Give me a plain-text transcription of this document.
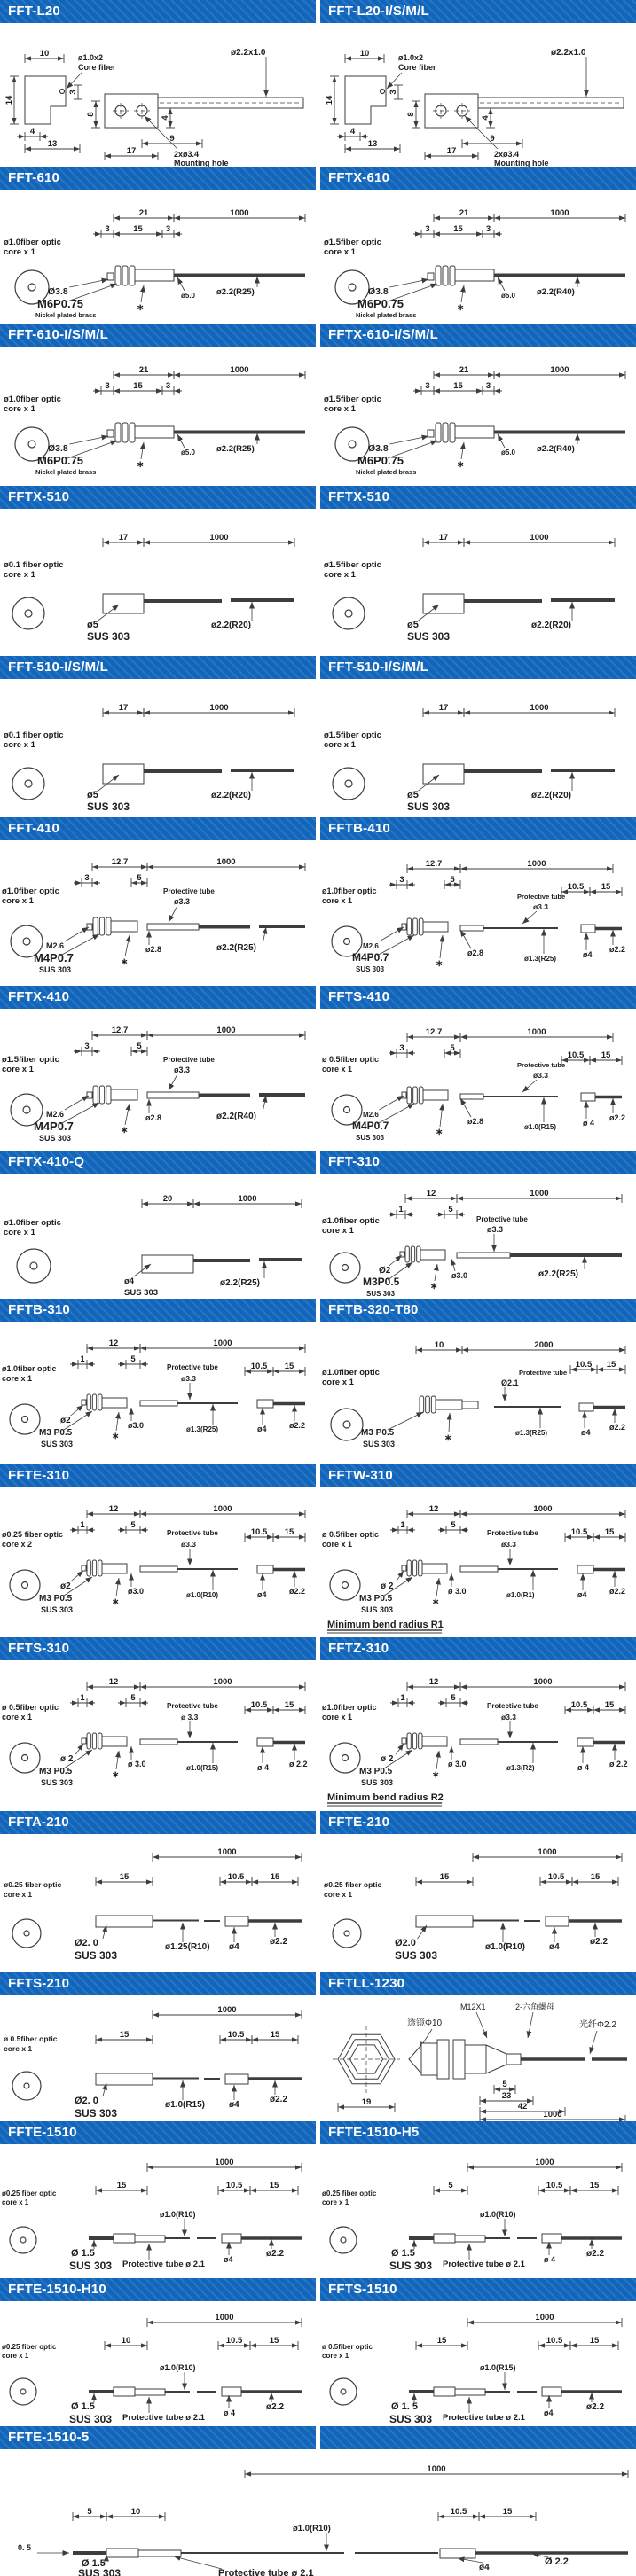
FFT-L20
10	ø1.0x2
Core fiber
14
3
4
13
8
ø2.2x1.0
4
9
17	2xø3.4
Mounting hole
FFT-L20-I/S/M/L
10	ø1.0x2
Core fiber
14
3
4
13
8
ø2.2x1.0
4
9
17	2xø3.4
Mounting hole
FFT-610
ø1.0fiber optic
core x 1
21	1000
3	15	3
Ø3.8
M6P0.75
Nickel plated brass
∗
ø5.0	ø2.2(R25)
FFTX-610
ø1.5fiber optic
core x 1
21	1000
3	15	3
Ø3.8
M6P0.75
Nickel plated brass
∗
ø5.0	ø2.2(R40)
FFT-610-I/S/M/L
ø1.0fiber optic
core x 1
21	1000
3	15	3
Ø3.8
M6P0.75
Nickel plated brass
∗
ø5.0	ø2.2(R25)
FFTX-610-I/S/M/L
ø1.5fiber optic
core x 1
21	1000
3	15	3
Ø3.8
M6P0.75
Nickel plated brass
∗
ø5.0	ø2.2(R40)
FFTX-510
ø0.1 fiber optic
core x 1
17	1000
ø5
SUS 303
ø2.2(R20)
FFTX-510
ø1.5fiber optic
core x 1
17	1000
ø5
SUS 303
ø2.2(R20)
FFT-510-I/S/M/L
ø0.1 fiber optic
core x 1
17	1000
ø5
SUS 303
ø2.2(R20)
FFT-510-I/S/M/L
ø1.5fiber optic
core x 1
17	1000
ø5
SUS 303
ø2.2(R20)
FFT-410
ø1.0fiber optic
core x 1
12.7	1000
3	5
Protective tube
ø3.3
M2.6
M4P0.7
SUS 303
ø2.8	ø2.2(R25)
∗
FFTB-410
ø1.0fiber optic
core x 1
12.7	1000
3	5
10.5 15
Protective tube
ø3.3
M2.6
M4P0.7
SUS 303
ø2.8
ø1.3(R25)	ø4
ø2.2
∗
FFTX-410
ø1.5fiber optic
core x 1
12.7	1000
3	5
Protective tube
ø3.3
M2.6
M4P0.7
SUS 303
ø2.8	ø2.2(R40)
∗
FFTS-410
ø 0.5fiber optic
core x 1
12.7	1000
3	5
10.5 15
Protective tube
ø3.3
M2.6
M4P0.7
SUS 303
ø2.8
ø1.0(R15)	ø 4
ø2.2
∗
FFTX-410-Q
ø1.0fiber optic
core x 1
20	1000
ø4
SUS 303
ø2.2(R25)
FFT-310
ø1.0fiber optic
core x 1
12	1000
1	5
Protective tube
ø3.3
Ø2
M3P0.5
SUS 303
ø3.0	ø2.2(R25)
∗
FFTB-310
ø1.0fiber optic
core x 1
12	1000
1	5
10.5 15
Protective tube
ø3.3
ø2
M3 P0.5
SUS 303
ø3.0	ø1.3(R25)	ø4	ø2.2
∗
FFTB-320-T80
ø1.0fiber optic
core x 1
10	2000
10.5 15
Protective tube
Ø2.1
M3 P0.5
SUS 303
ø1.3(R25)	ø4
ø2.2
∗
FFTE-310
ø0.25 fiber optic
core x 2
12	1000
1	5
10.5 15
Protective tube
ø3.3
ø2
M3 P0.5
SUS 303
ø3.0	ø1.0(R10)	ø4	ø2.2
∗
FFTW-310
ø 0.5fiber optic
core x 1
12	1000
1	5
10.5 15
Protective tube
ø3.3
ø 2
M3 P0.5
SUS 303
ø 3.0	ø1.0(R1)	ø4	ø2.2
∗
Minimum bend radius R1
FFTS-310
ø 0.5fiber optic
core x 1
12	1000
1	5
10.5 15
Protective tube
ø 3.3
ø 2
M3 P0.5
SUS 303
ø 3.0	ø1.0(R15)	ø 4	ø 2.2
∗
FFTZ-310
ø1.0fiber optic
core x 1
12	1000
1	5
10.5 15
Protective tube
ø3.3
ø 2
M3 P0.5
SUS 303
ø 3.0	ø1.3(R2)	ø 4	ø 2.2
∗
Minimum bend radius R2
FFTA-210
ø0.25 fiber optic
core x 1
1000
15	10.5	15
Ø2. 0
SUS 303
ø1.25(R10) ø4
ø2.2
FFTE-210
ø0.25 fiber optic
core x 1
1000
15	10.5	15
Ø2.0
SUS 303
ø1.0(R10)	ø4
ø2.2
FFTS-210
ø 0.5fiber optic
core x 1
1000
15	10.5	15
Ø2. 0
SUS 303
ø1.0(R15)	ø4
ø2.2
FFTLL-1230
19
M12X1	2-六角螺母
透镜Φ10	光纤Φ2.2
5
23
42
1000
FFTE-1510
ø0.25 fiber optic
core x 1
1000
15	10.5	15
ø1.0(R10)
Ø 1.5
SUS 303 Protective tube ø 2.1 ø4
ø2.2
FFTE-1510-H5
ø0.25 fiber optic
core x 1
1000
5	10.5	15
ø1.0(R10)
Ø 1.5
SUS 303 Protective tube ø 2.1 ø 4
ø2.2
FFTE-1510-H10
ø0.25 fiber optic
core x 1
1000
10	10.5	15
ø1.0(R10)
Ø 1.5
SUS 303 Protective tube ø 2.1 ø 4
ø2.2
FFTS-1510
ø 0.5fiber optic
core x 1
1000
15	10.5	15
ø1.0(R15)
Ø 1. 5
SUS 303 Protective tube ø 2.1 ø4
ø2.2
FFTE-1510-5
1000
5	10	10.5	15
0. 5
ø1.0(R10)
Ø 1.5
SUS 303	Protective tube ø 2.1
ø4
Ø 2.2
